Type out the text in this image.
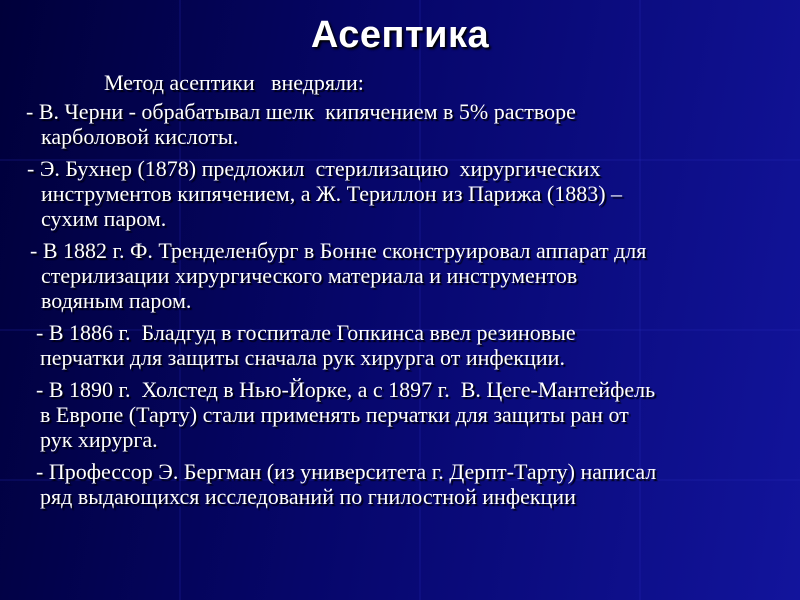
Асептика

Метод асептики   внедряли:

- В. Черни - обрабатывал шелк  кипячением в 5% растворе

карболовой кислоты.

- Э. Бухнер (1878) предложил  стерилизацию  хирургических

инструментов кипячением, а Ж. Териллон из Парижа (1883) –

сухим паром.

- В 1882 г. Ф. Тренделенбург в Бонне сконструировал аппарат для

стерилизации хирургического материала и инструментов

водяным паром.

- В 1886 г.  Бладгуд в госпитале Гопкинса ввел резиновые

перчатки для защиты сначала рук хирурга от инфекции.

- В 1890 г.  Холстед в Нью-Йорке, а с 1897 г.  В. Цеге-Мантейфель

в Европе (Тарту) стали применять перчатки для защиты ран от

рук хирурга.

- Профессор Э. Бергман (из университета г. Дерпт-Тарту) написал

ряд выдающихся исследований по гнилостной инфекции
